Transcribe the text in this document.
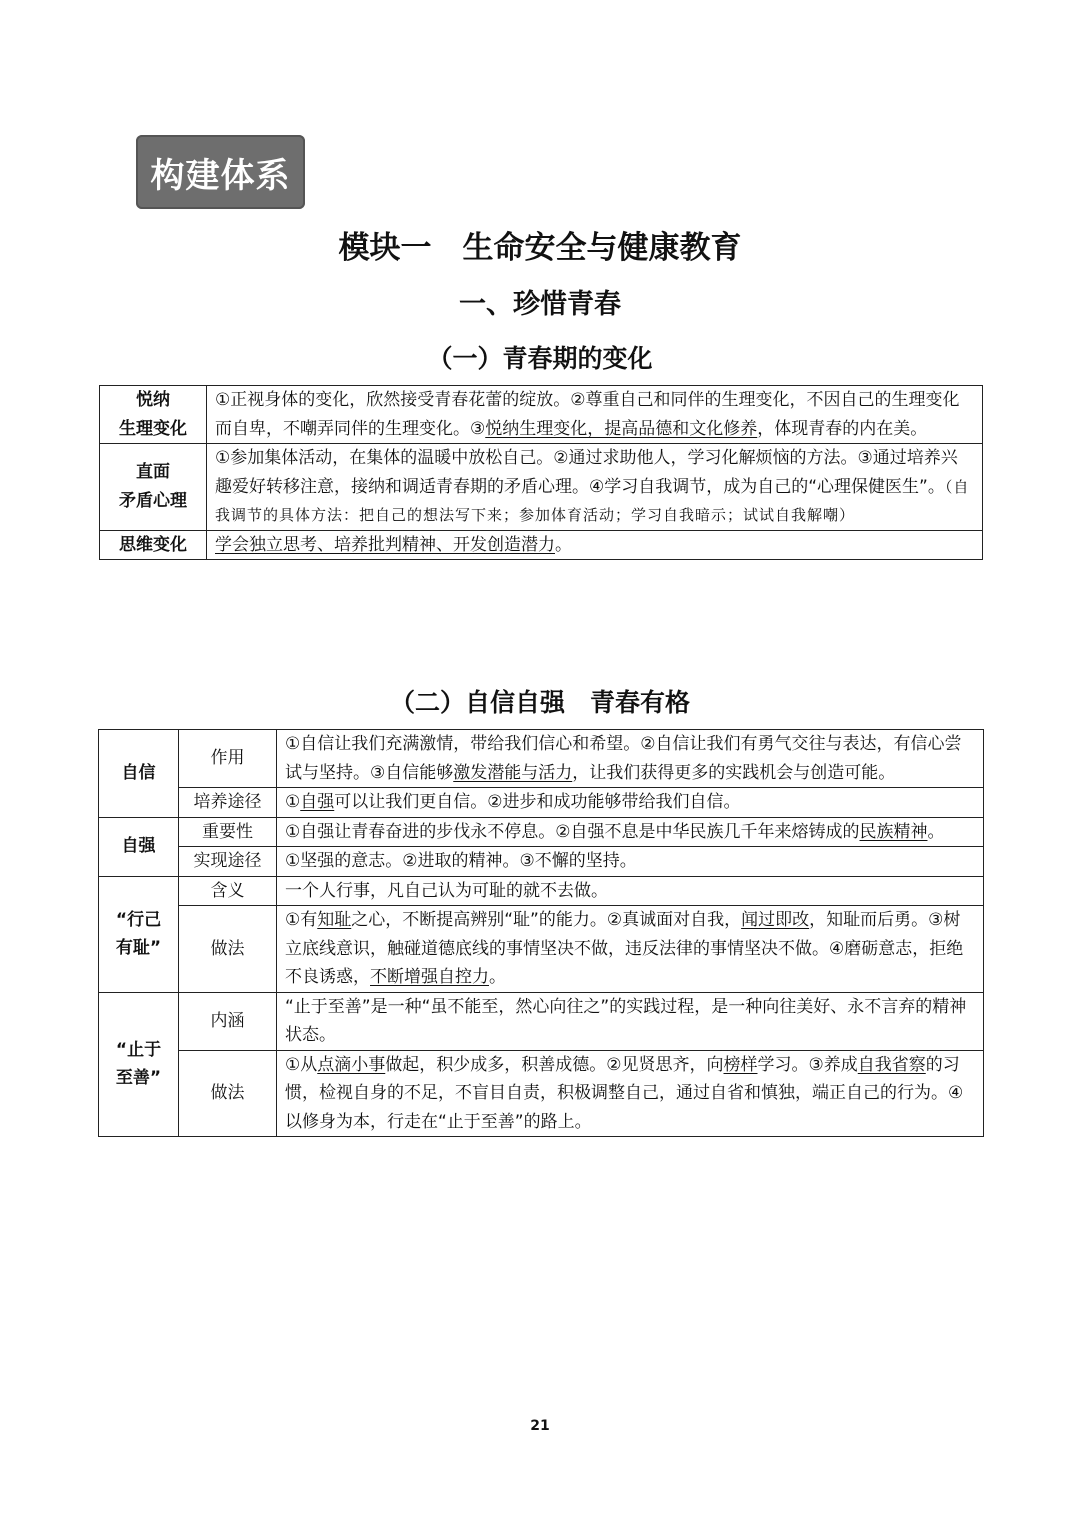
构建体系
模块一　生命安全与健康教育
一、珍惜青春
（一）青春期的变化
悦纳
生理变化	①正视身体的变化，欣然接受青春花蕾的绽放。②尊重自己和同伴的生理变化，不因自己的生理变化而自卑，不嘲弄同伴的生理变化。③悦纳生理变化，提高品德和文化修养，体现青春的内在美。
直面
矛盾心理	①参加集体活动，在集体的温暖中放松自己。②通过求助他人，学习化解烦恼的方法。③通过培养兴趣爱好转移注意，接纳和调适青春期的矛盾心理。④学习自我调节，成为自己的“心理保健医生”。（自我调节的具体方法：把自己的想法写下来；参加体育活动；学习自我暗示；试试自我解嘲）
思维变化	学会独立思考、培养批判精神、开发创造潜力。
（二）自信自强　青春有格
自信	作用	①自信让我们充满激情，带给我们信心和希望。②自信让我们有勇气交往与表达，有信心尝试与坚持。③自信能够激发潜能与活力，让我们获得更多的实践机会与创造可能。
	培养途径	①自强可以让我们更自信。②进步和成功能够带给我们自信。
自强	重要性	①自强让青春奋进的步伐永不停息。②自强不息是中华民族几千年来熔铸成的民族精神。
	实现途径	①坚强的意志。②进取的精神。③不懈的坚持。
“行己
有耻”	含义	一个人行事，凡自己认为可耻的就不去做。
	做法	①有知耻之心，不断提高辨别“耻”的能力。②真诚面对自我，闻过即改，知耻而后勇。③树立底线意识，触碰道德底线的事情坚决不做，违反法律的事情坚决不做。④磨砺意志，拒绝不良诱惑，不断增强自控力。
“止于
至善”	内涵	“止于至善”是一种“虽不能至，然心向往之”的实践过程，是一种向往美好、永不言弃的精神状态。
	做法	①从点滴小事做起，积少成多，积善成德。②见贤思齐，向榜样学习。③养成自我省察的习惯，检视自身的不足，不盲目自责，积极调整自己，通过自省和慎独，端正自己的行为。④以修身为本，行走在“止于至善”的路上。
21
